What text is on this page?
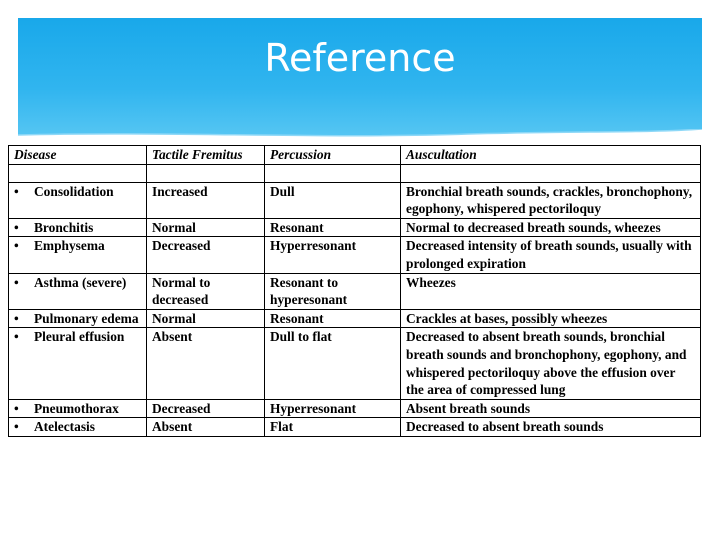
Reference
Disease	Tactile Fremitus	Percussion	Auscultation

• Consolidation	Increased	Dull	Bronchial breath sounds, crackles, bronchophony, egophony, whispered pectoriloquy

• Bronchitis	Normal	Resonant	Normal to decreased breath sounds, wheezes

• Emphysema	Decreased	Hyperresonant	Decreased intensity of breath sounds, usually with prolonged expiration

• Asthma (severe)	Normal to decreased	Resonant to hyperesonant	Wheezes

• Pulmonary edema	Normal	Resonant	Crackles at bases, possibly wheezes

• Pleural effusion	Absent	Dull to flat	Decreased to absent breath sounds, bronchial breath sounds and bronchophony, egophony, and whispered pectoriloquy above the effusion over the area of compressed lung

• Pneumothorax	Decreased	Hyperresonant	Absent breath sounds

• Atelectasis	Absent	Flat	Decreased to absent breath sounds
